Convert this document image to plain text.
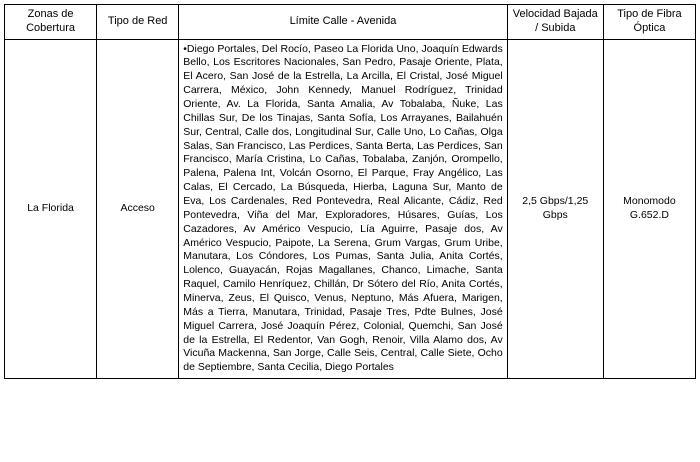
Zonas de Cobertura	Tipo de Red	Límite Calle - Avenida	Velocidad Bajada / Subida	Tipo de Fibra Óptica
La Florida	Acceso	•Diego Portales, Del Rocío, Paseo La Florida Uno, Joaquín Edwards Bello, Los Escritores Nacionales, San Pedro, Pasaje Oriente, Plata, El Acero, San José de la Estrella, La Arcilla, El Cristal, José Miguel Carrera, México, John Kennedy, Manuel Rodríguez, Trinidad Oriente, Av. La Florida, Santa Amalia, Av Tobalaba, Ñuke, Las Chillas Sur, De los Tinajas, Santa Sofía, Los Arrayanes, Bailahuén Sur, Central, Calle dos, Longitudinal Sur, Calle Uno, Lo Cañas, Olga Salas, San Francisco, Las Perdices, Santa Berta, Las Perdices, San Francisco, María Cristina, Lo Cañas, Tobalaba, Zanjón, Orompello, Palena, Palena Int, Volcán Osorno, El Parque, Fray Angélico, Las Calas, El Cercado, La Búsqueda, Hierba, Laguna Sur, Manto de Eva, Los Cardenales, Red Pontevedra, Real Alicante, Cádiz, Red Pontevedra, Viña del Mar, Exploradores, Húsares, Guías, Los Cazadores, Av Américo Vespucio, Lía Aguirre, Pasaje dos, Av Américo Vespucio, Paipote, La Serena, Grum Vargas, Grum Uribe, Manutara, Los Cóndores, Los Pumas, Santa Julia, Anita Cortés, Lolenco, Guayacán, Rojas Magallanes, Chanco, Limache, Santa Raquel, Camilo Henríquez, Chillán, Dr Sótero del Río, Anita Cortés, Minerva, Zeus, El Quisco, Venus, Neptuno, Más Afuera, Marigen, Más a Tierra, Manutara, Trinidad, Pasaje Tres, Pdte Bulnes, José Miguel Carrera, José Joaquín Pérez, Colonial, Quemchi, San José de la Estrella, El Redentor, Van Gogh, Renoir, Villa Alamo dos, Av Vicuña Mackenna, San Jorge, Calle Seis, Central, Calle Siete, Ocho de Septiembre, Santa Cecilia, Diego Portales	2,5 Gbps/1,25 Gbps	Monomodo
G.652.D
